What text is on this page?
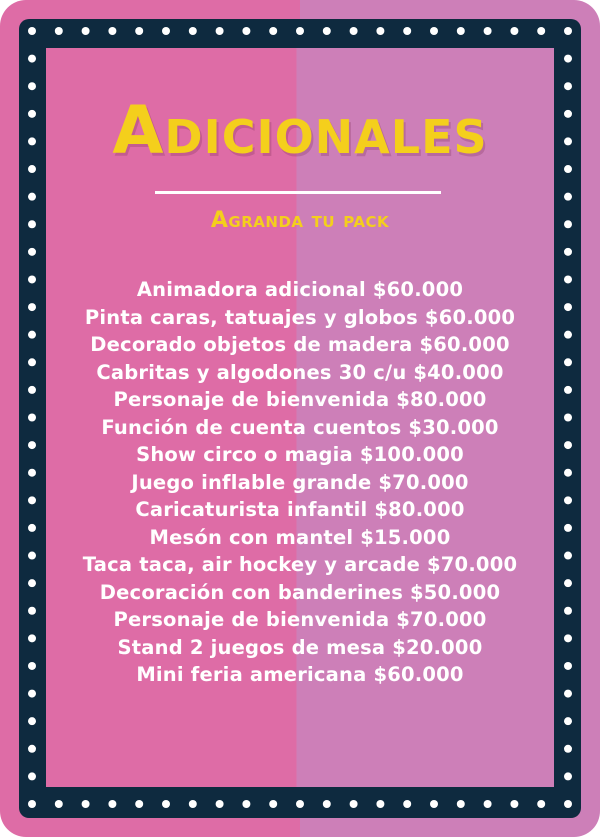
Adicionales
Agranda tu pack
Animadora adicional $60.000
Pinta caras, tatuajes y globos $60.000
Decorado objetos de madera $60.000
Cabritas y algodones 30 c/u $40.000
Personaje de bienvenida $80.000
Función de cuenta cuentos $30.000
Show circo o magia $100.000
Juego inflable grande $70.000
Caricaturista infantil $80.000
Mesón con mantel $15.000
Taca taca, air hockey y arcade $70.000
Decoración con banderines $50.000
Personaje de bienvenida $70.000
Stand 2 juegos de mesa $20.000
Mini feria americana $60.000
